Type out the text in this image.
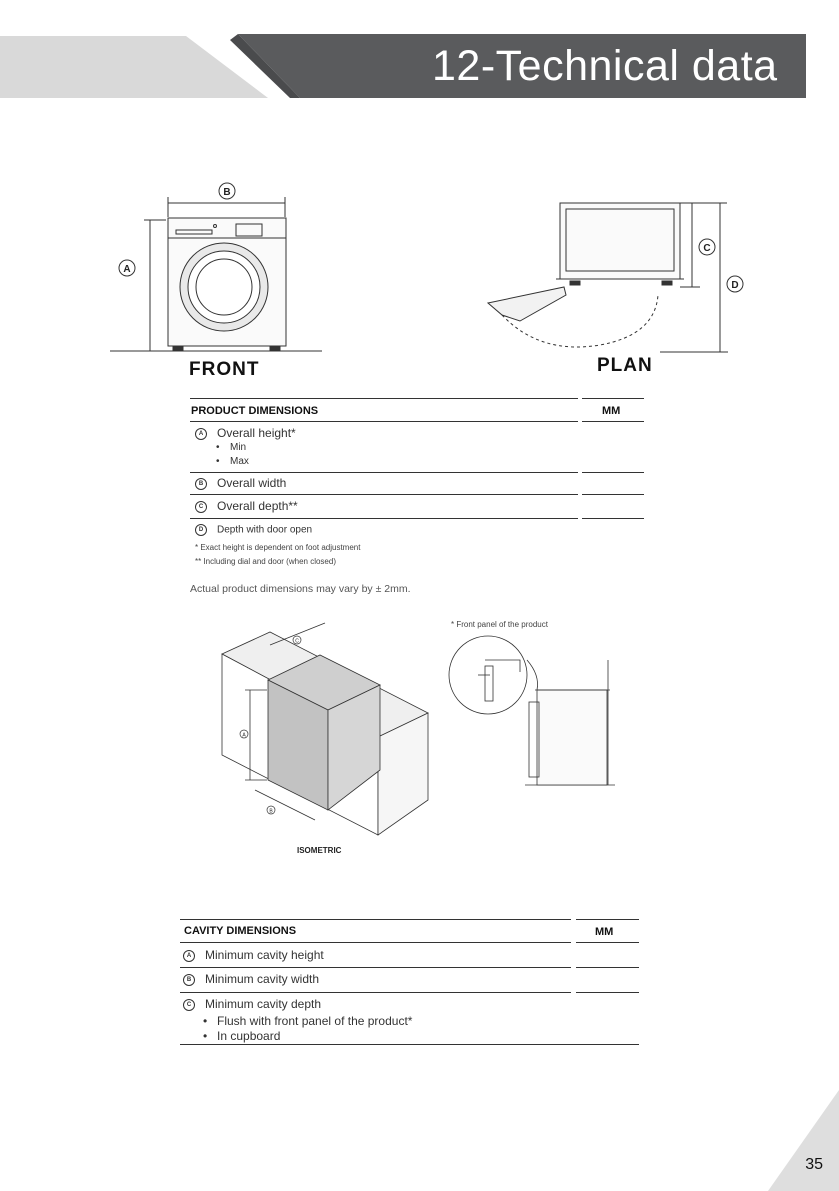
12-Technical data
B
A
FRONT
C
D
PLAN
PRODUCT DIMENSIONS	MM
A Overall height*
• Min
• Max
B Overall width
C Overall depth**
D Depth with door open
* Exact height is dependent on foot adjustment
** Including dial and door (when closed)
Actual product dimensions may vary by ± 2mm.
C
A
B
ISOMETRIC
* Front panel of the product
CAVITY DIMENSIONS	MM
A Minimum cavity height
B Minimum cavity width
C Minimum cavity depth
• Flush with front panel of the product*
• In cupboard
35
